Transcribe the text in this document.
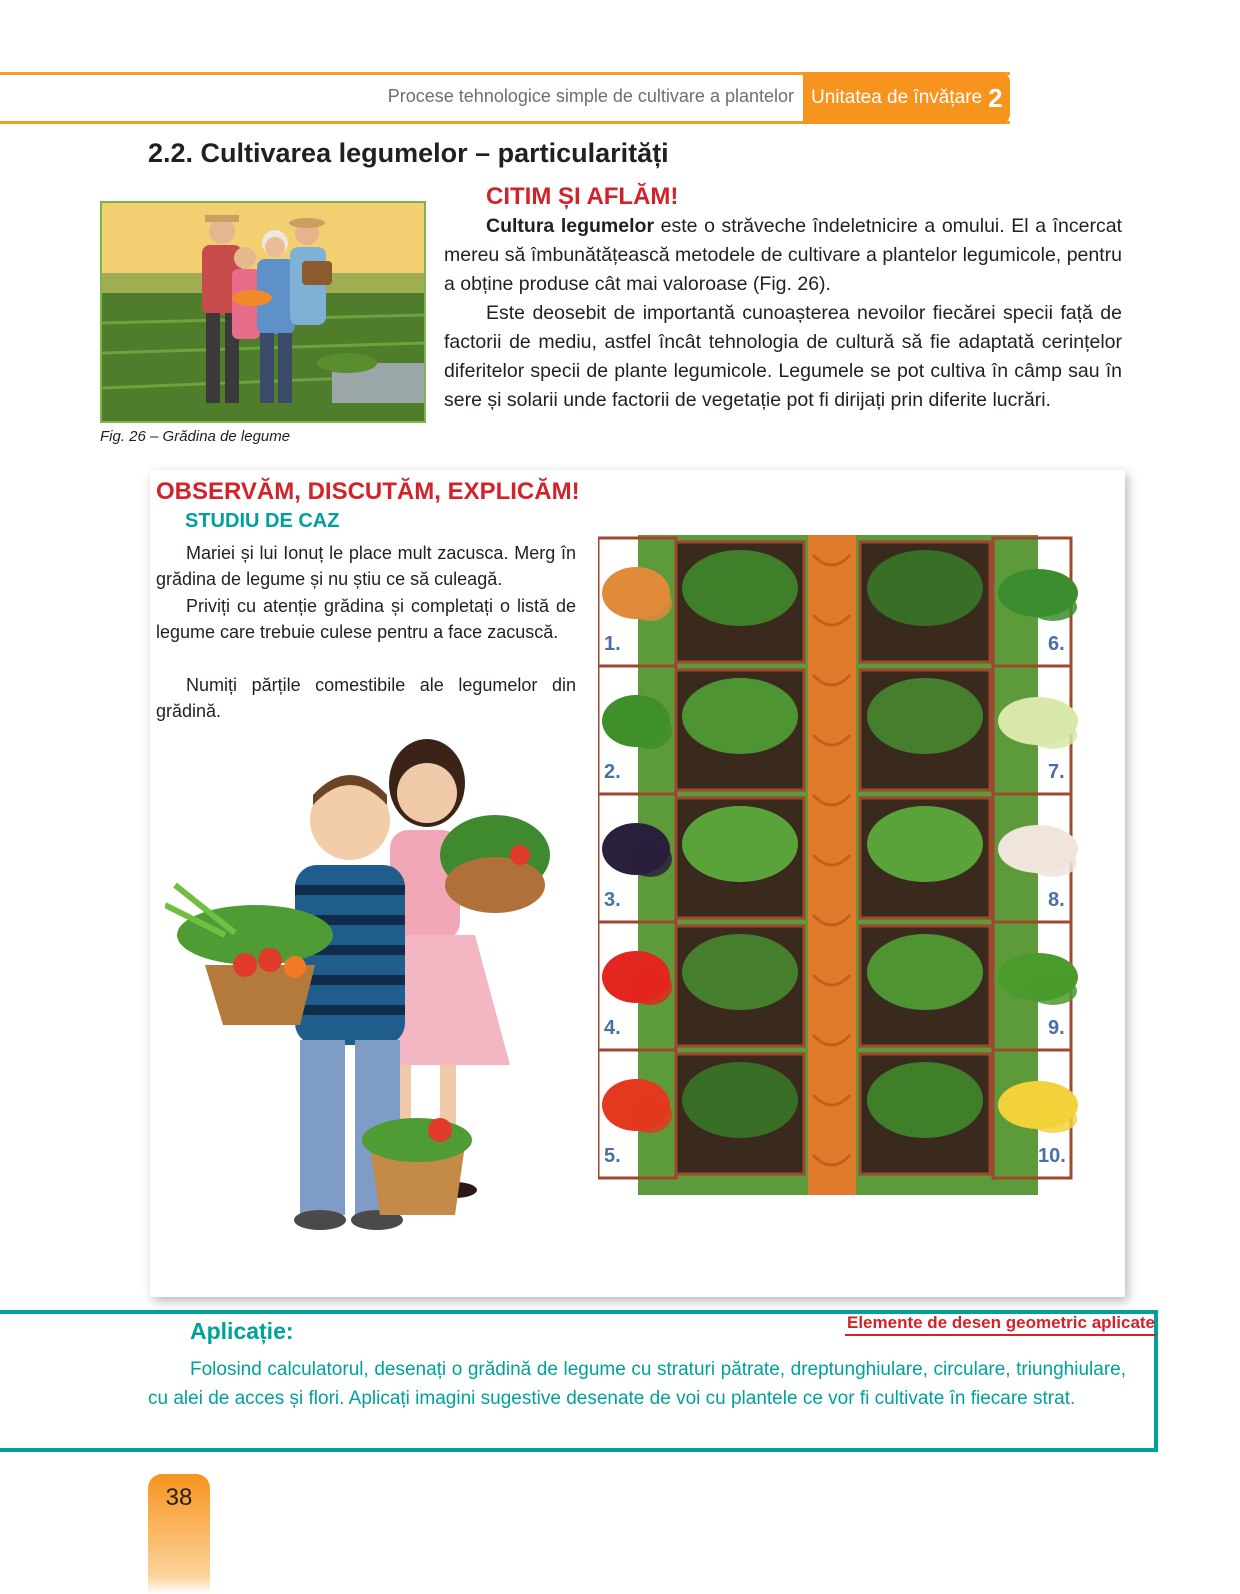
Procese tehnologice simple de cultivare a plantelor Unitatea de învățare 2
2.2. Cultivarea legumelor – particularități
Fig. 26 – Grădina de legume
CITIM ȘI AFLĂM!

Cultura legumelor este o străveche îndeletnicire a omului. El a încercat mereu să îmbunătățească metodele de cultivare a plantelor legumicole, pentru a obține produse cât mai valoroase (Fig. 26).

Este deosebit de importantă cunoașterea nevoilor fiecărei specii față de factorii de mediu, astfel încât tehnologia de cultură să fie adaptată cerințelor diferitelor specii de plante legumicole. Legumele se pot cultiva în câmp sau în sere și solarii unde factorii de vegetație pot fi dirijați prin diferite lucrări.

OBSERVĂM, DISCUTĂM, EXPLICĂM!
STUDIU DE CAZ

Mariei și lui Ionuț le place mult zacusca. Merg în grădina de legume și nu știu ce să culeagă.

Priviți cu atenție grădina și completați o listă de legume care trebuie culese pentru a face zacuscă.

Numiți părțile comestibile ale legumelor din grădină.

1.
2.
3.
4.
5.
6.
7.
8.
9.
10.
Aplicație:	Elemente de desen geometric aplicate

Folosind calculatorul, desenați o grădină de legume cu straturi pătrate, dreptunghiulare, circulare, triunghiulare, cu alei de acces și flori. Aplicați imagini sugestive desenate de voi cu plantele ce vor fi cultivate în fiecare strat.

38
